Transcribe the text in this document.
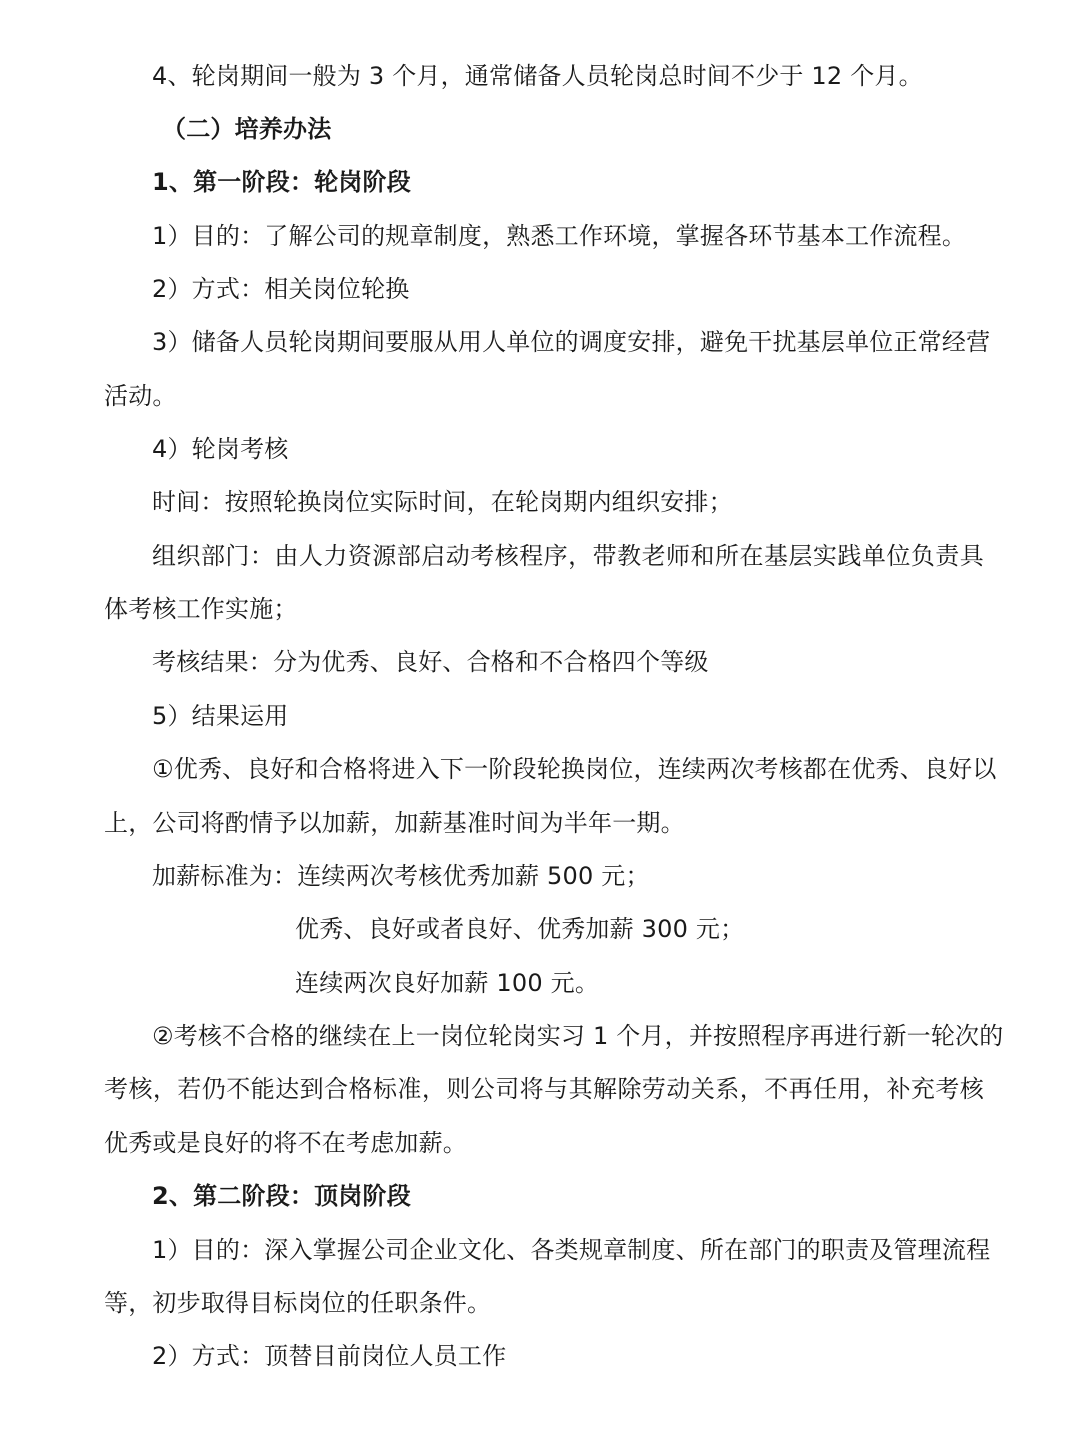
4、轮岗期间一般为 3 个月，通常储备人员轮岗总时间不少于 12 个月。
（二）培养办法
1、第一阶段：轮岗阶段
1）目的：了解公司的规章制度，熟悉工作环境，掌握各环节基本工作流程。
2）方式：相关岗位轮换
3）储备人员轮岗期间要服从用人单位的调度安排，避免干扰基层单位正常经营
活动。
4）轮岗考核
时间：按照轮换岗位实际时间，在轮岗期内组织安排；
组织部门：由人力资源部启动考核程序，带教老师和所在基层实践单位负责具
体考核工作实施；
考核结果：分为优秀、良好、合格和不合格四个等级
5）结果运用
①优秀、良好和合格将进入下一阶段轮换岗位，连续两次考核都在优秀、良好以
上，公司将酌情予以加薪，加薪基准时间为半年一期。
加薪标准为：连续两次考核优秀加薪 500 元；
优秀、良好或者良好、优秀加薪 300 元；
连续两次良好加薪 100 元。
②考核不合格的继续在上一岗位轮岗实习 1 个月，并按照程序再进行新一轮次的
考核，若仍不能达到合格标准，则公司将与其解除劳动关系，不再任用，补充考核
优秀或是良好的将不在考虑加薪。
2、第二阶段：顶岗阶段
1）目的：深入掌握公司企业文化、各类规章制度、所在部门的职责及管理流程
等，初步取得目标岗位的任职条件。
2）方式：顶替目前岗位人员工作
